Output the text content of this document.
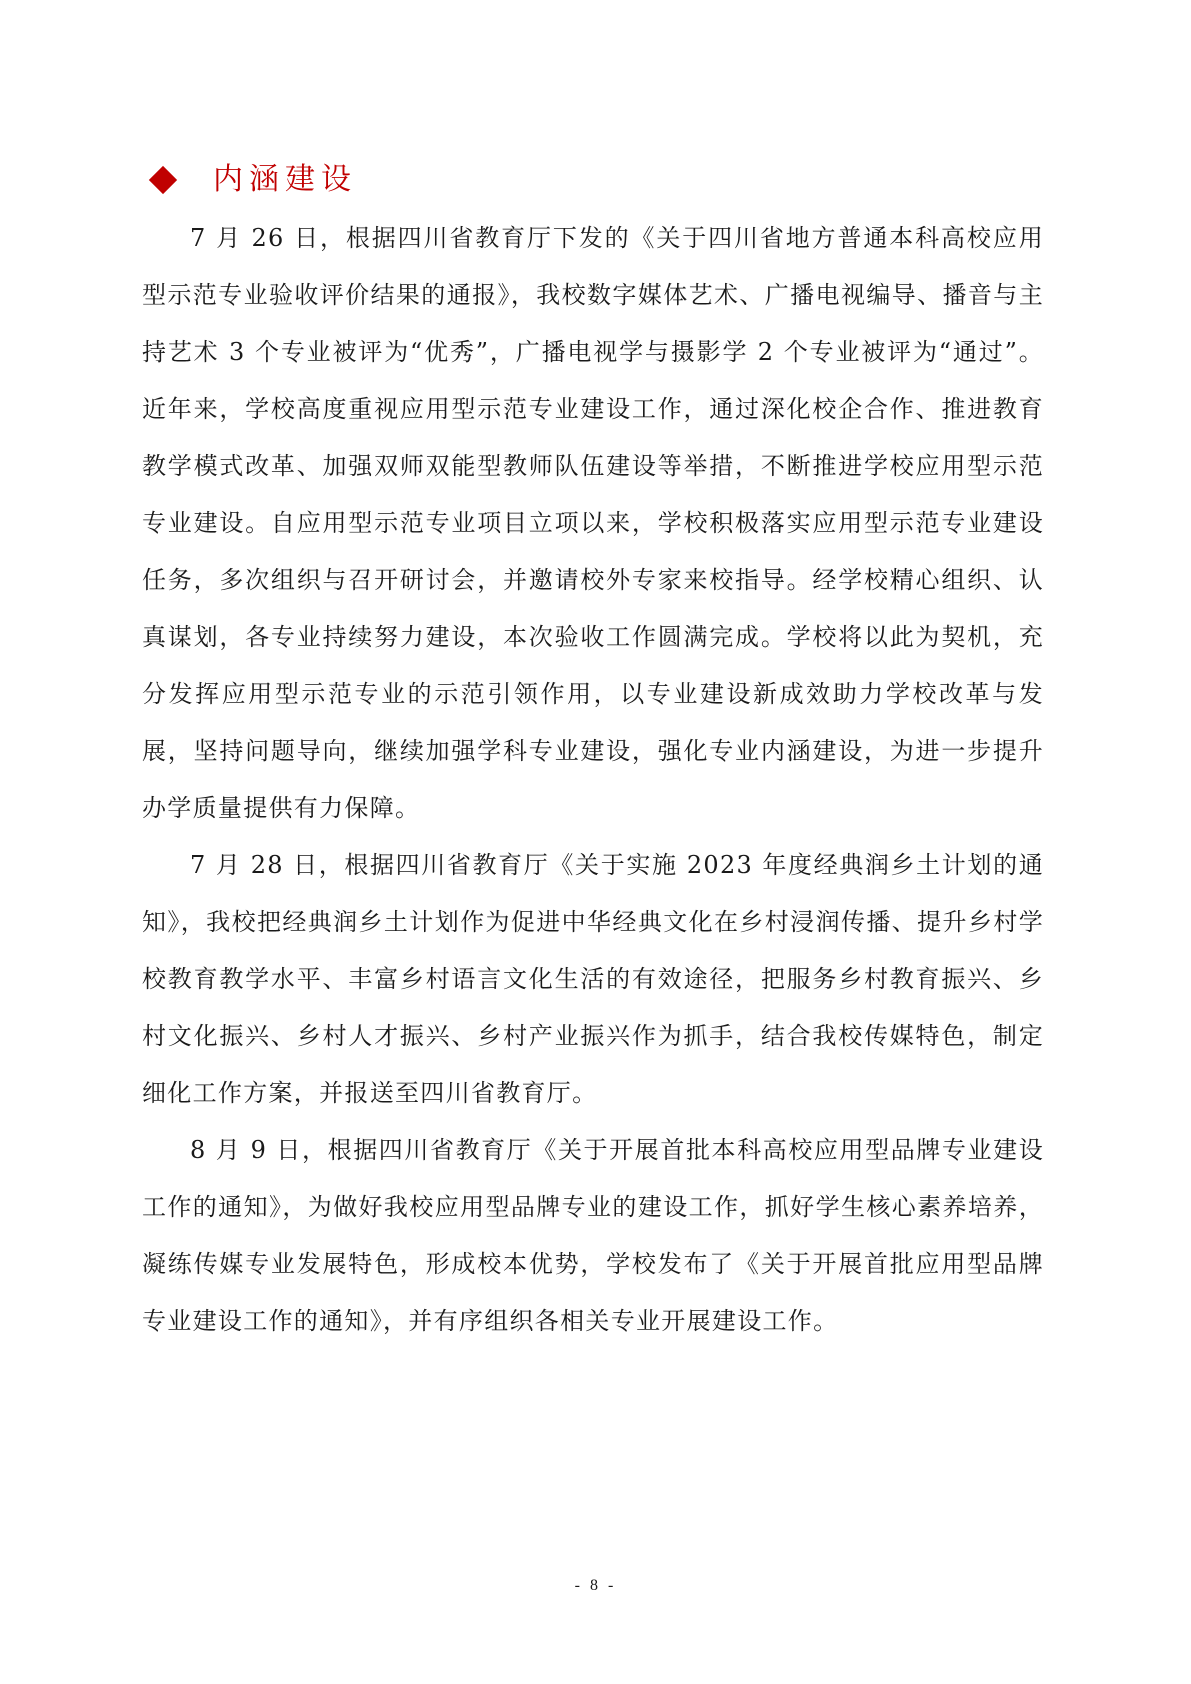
内涵建设

7 月 26 日，根据四川省教育厅下发的《关于四川省地方普通本科高校应用型示范专业验收评价结果的通报》，我校数字媒体艺术、广播电视编导、播音与主持艺术 3 个专业被评为“优秀”，广播电视学与摄影学 2 个专业被评为“通过”。近年来，学校高度重视应用型示范专业建设工作，通过深化校企合作、推进教育教学模式改革、加强双师双能型教师队伍建设等举措，不断推进学校应用型示范专业建设。自应用型示范专业项目立项以来，学校积极落实应用型示范专业建设任务，多次组织与召开研讨会，并邀请校外专家来校指导。经学校精心组织、认真谋划，各专业持续努力建设，本次验收工作圆满完成。学校将以此为契机，充分发挥应用型示范专业的示范引领作用，以专业建设新成效助力学校改革与发展，坚持问题导向，继续加强学科专业建设，强化专业内涵建设，为进一步提升办学质量提供有力保障。

7 月 28 日，根据四川省教育厅《关于实施 2023 年度经典润乡土计划的通知》，我校把经典润乡土计划作为促进中华经典文化在乡村浸润传播、提升乡村学校教育教学水平、丰富乡村语言文化生活的有效途径，把服务乡村教育振兴、乡村文化振兴、乡村人才振兴、乡村产业振兴作为抓手，结合我校传媒特色，制定细化工作方案，并报送至四川省教育厅。

8 月 9 日，根据四川省教育厅《关于开展首批本科高校应用型品牌专业建设工作的通知》，为做好我校应用型品牌专业的建设工作，抓好学生核心素养培养，凝练传媒专业发展特色，形成校本优势，学校发布了《关于开展首批应用型品牌专业建设工作的通知》，并有序组织各相关专业开展建设工作。

- 8 -
